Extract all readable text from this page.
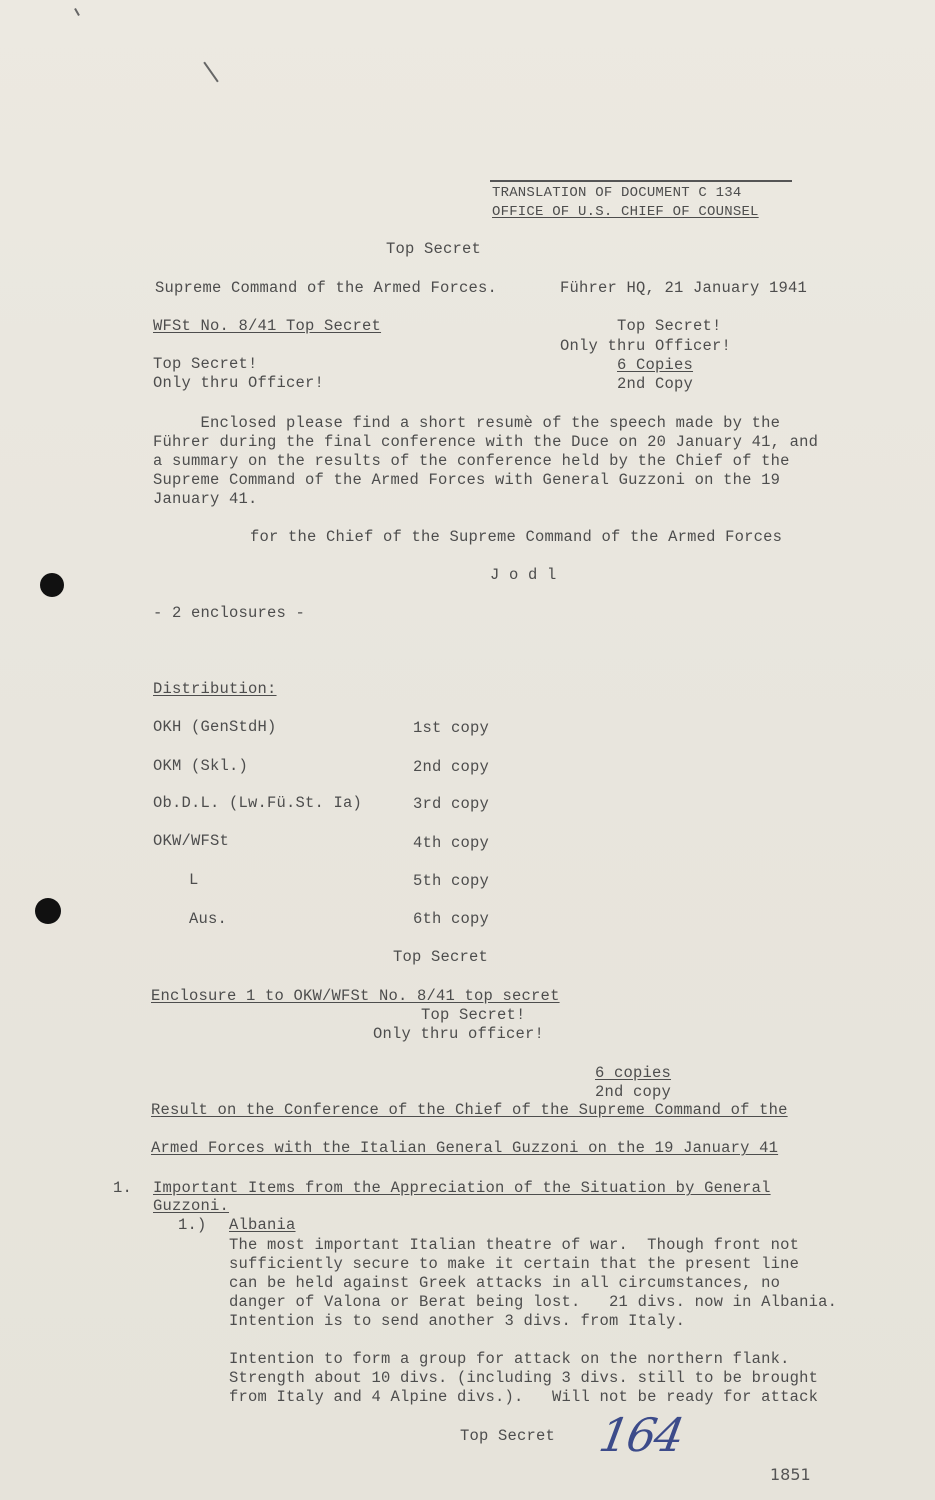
TRANSLATION OF DOCUMENT C 134
OFFICE OF U.S. CHIEF OF COUNSEL
Top Secret
Supreme Command of the Armed Forces.	Führer HQ, 21 January 1941
WFSt No. 8/41 Top Secret	Top Secret!
Only thru Officer!
6 Copies
2nd Copy
Top Secret!
Only thru Officer!
Enclosed please find a short resumè of the speech made by the
Führer during the final conference with the Duce on 20 January 41, and
a summary on the results of the conference held by the Chief of the
Supreme Command of the Armed Forces with General Guzzoni on the 19
January 41.
for the Chief of the Supreme Command of the Armed Forces
J o d l
- 2 enclosures -
Distribution:
OKH (GenStdH)	1st copy
OKM (Skl.)	2nd copy
Ob.D.L. (Lw.Fü.St. Ia)	3rd copy
OKW/WFSt	4th copy
L	5th copy
Aus.	6th copy
Top Secret
Enclosure 1 to OKW/WFSt No. 8/41 top secret
Top Secret!
Only thru officer!
6 copies
2nd copy
Result on the Conference of the Chief of the Supreme Command of the
Armed Forces with the Italian General Guzzoni on the 19 January 41
1. Important Items from the Appreciation of the Situation by General
Guzzoni.
1.) Albania
The most important Italian theatre of war.  Though front not
sufficiently secure to make it certain that the present line
can be held against Greek attacks in all circumstances, no
danger of Valona or Berat being lost.   21 divs. now in Albania.
Intention is to send another 3 divs. from Italy.
Intention to form a group for attack on the northern flank.
Strength about 10 divs. (including 3 divs. still to be brought
from Italy and 4 Alpine divs.).   Will not be ready for attack
Top Secret 164
1851
